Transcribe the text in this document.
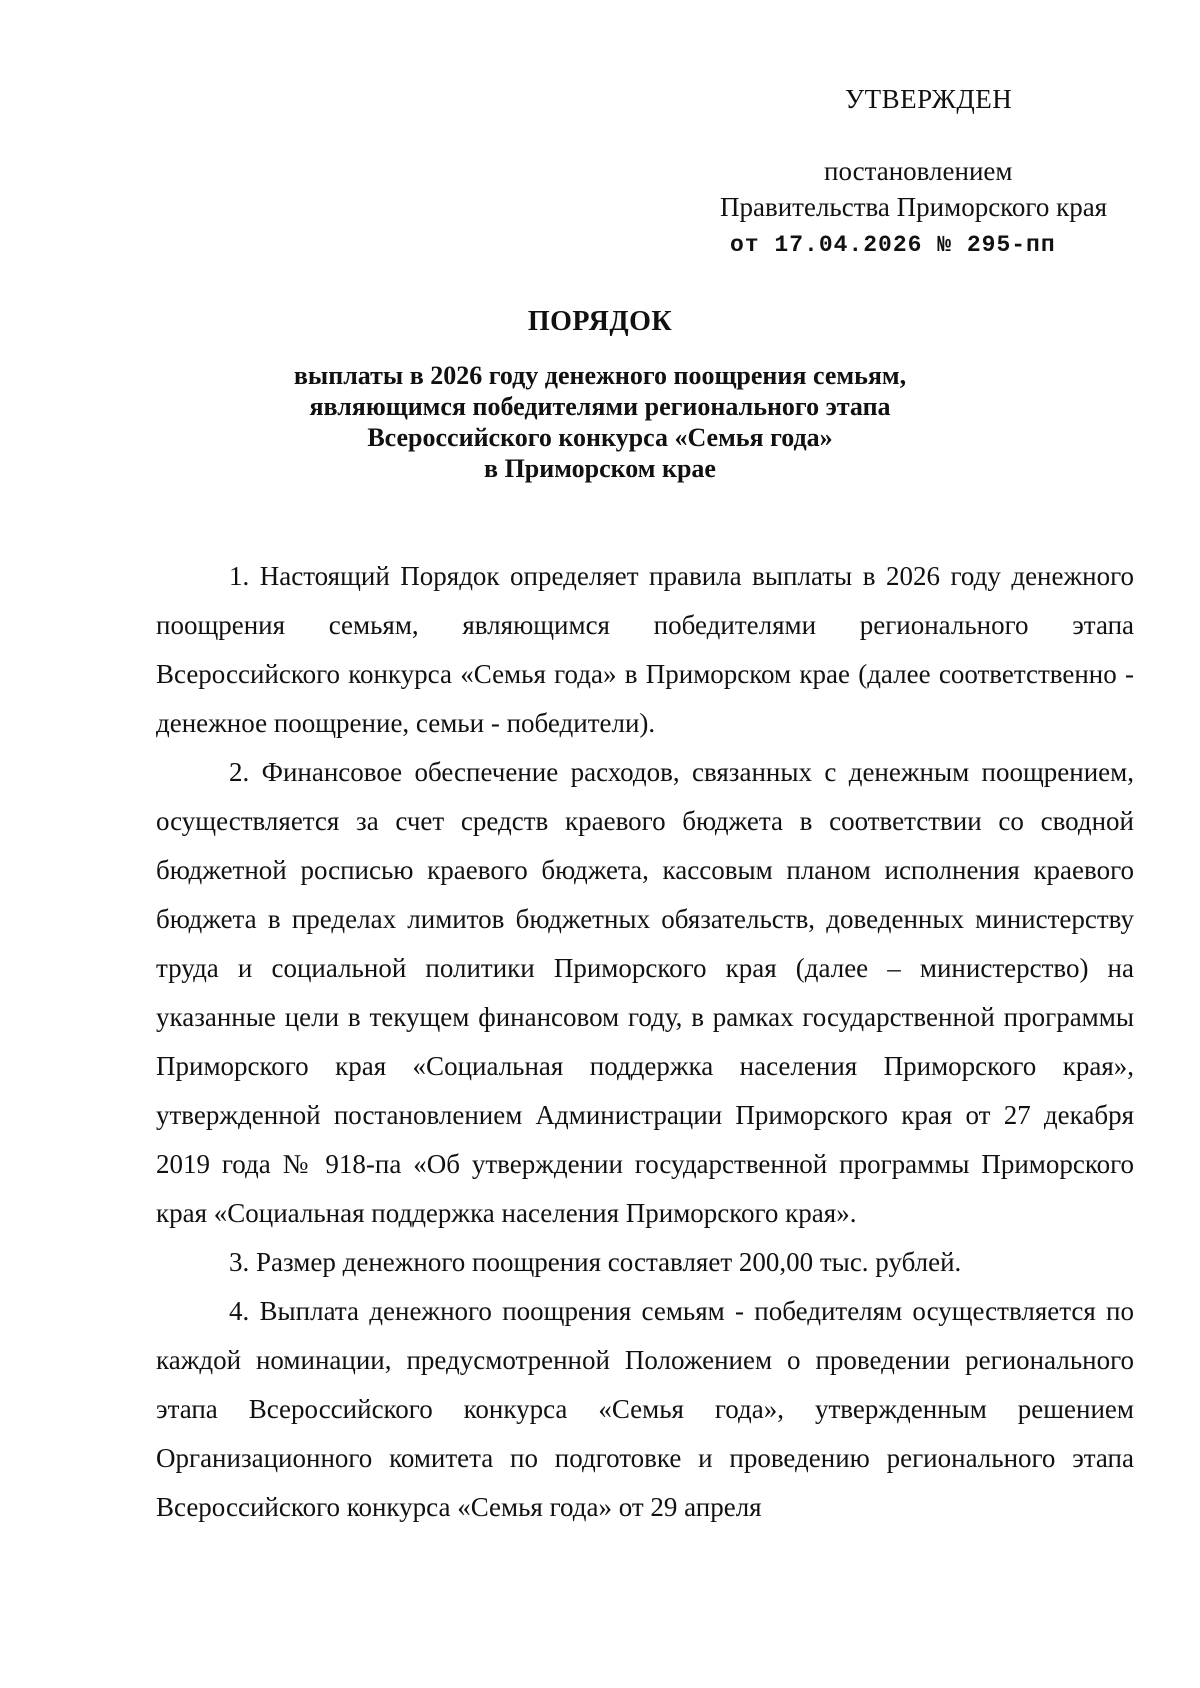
УТВЕРЖДЕН
постановлением
Правительства Приморского края
от 17.04.2026 № 295-пп
ПОРЯДОК
выплаты в 2026 году денежного поощрения семьям,
являющимся победителями регионального этапа
Всероссийского конкурса «Семья года»
в Приморском крае

1. Настоящий Порядок определяет правила выплаты в 2026 году денежного поощрения семьям, являющимся победителями регионального этапа Всероссийского конкурса «Семья года» в Приморском крае (далее соответственно - денежное поощрение, семьи - победители).

2. Финансовое обеспечение расходов, связанных с денежным поощрением, осуществляется за счет средств краевого бюджета в соответствии со сводной бюджетной росписью краевого бюджета, кассовым планом исполнения краевого бюджета в пределах лимитов бюджетных обязательств, доведенных министерству труда и социальной политики Приморского края (далее – министерство) на указанные цели в текущем финансовом году, в рамках государственной программы Приморского края «Социальная поддержка населения Приморского края», утвержденной постановлением Администрации Приморского края от 27 декабря 2019 года № 918-па «Об утверждении государственной программы Приморского края «Социальная поддержка населения Приморского края».

3. Размер денежного поощрения составляет 200,00 тыс. рублей.

4. Выплата денежного поощрения семьям - победителям осуществляется по каждой номинации, предусмотренной Положением о проведении регионального этапа Всероссийского конкурса «Семья года», утвержденным решением Организационного комитета по подготовке и проведению регионального этапа Всероссийского конкурса «Семья года» от 29 апреля
